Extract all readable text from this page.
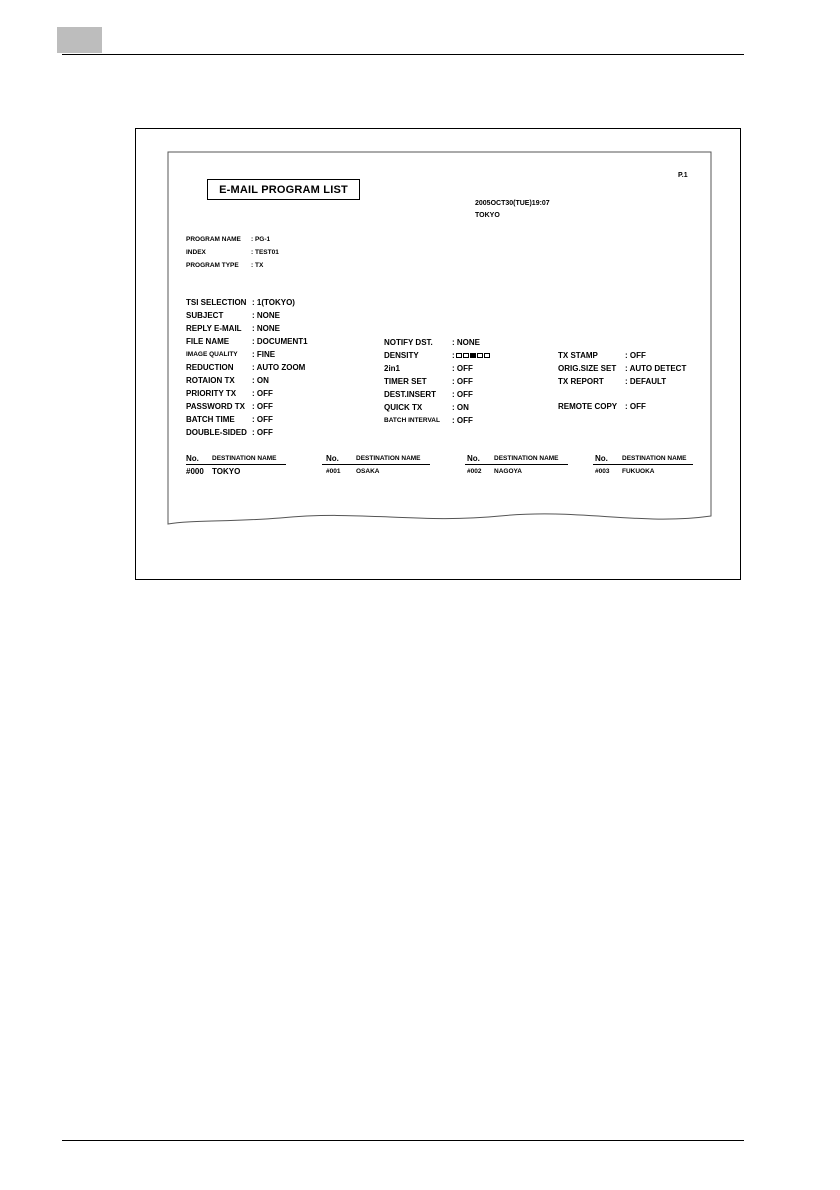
P.1
E-MAIL PROGRAM LIST
2005OCT30(TUE)19:07
TOKYO
PROGRAM NAME : PG-1
INDEX	: TEST01
PROGRAM TYPE : TX
TSI SELECTION : 1(TOKYO)
SUBJECT	: NONE
REPLY E-MAIL : NONE
FILE NAME	: DOCUMENT1
IMAGE QUALITY : FINE
REDUCTION : AUTO ZOOM
ROTAION TX : ON
PRIORITY TX : OFF
PASSWORD TX : OFF
BATCH TIME : OFF
DOUBLE-SIDED : OFF
NOTIFY DST. : NONE
DENSITY	:
2in1	: OFF
TIMER SET	: OFF
DEST.INSERT : OFF
QUICK TX	: ON
BATCH INTERVAL : OFF
TX STAMP	: OFF
ORIG.SIZE SET : AUTO DETECT
TX REPORT	: DEFAULT
REMOTE COPY : OFF
No. DESTINATION NAME
#000 TOKYO
No.	DESTINATION NAME
#001 OSAKA
No. DESTINATION NAME
#002 NAGOYA
No. DESTINATION NAME
#003 FUKUOKA
